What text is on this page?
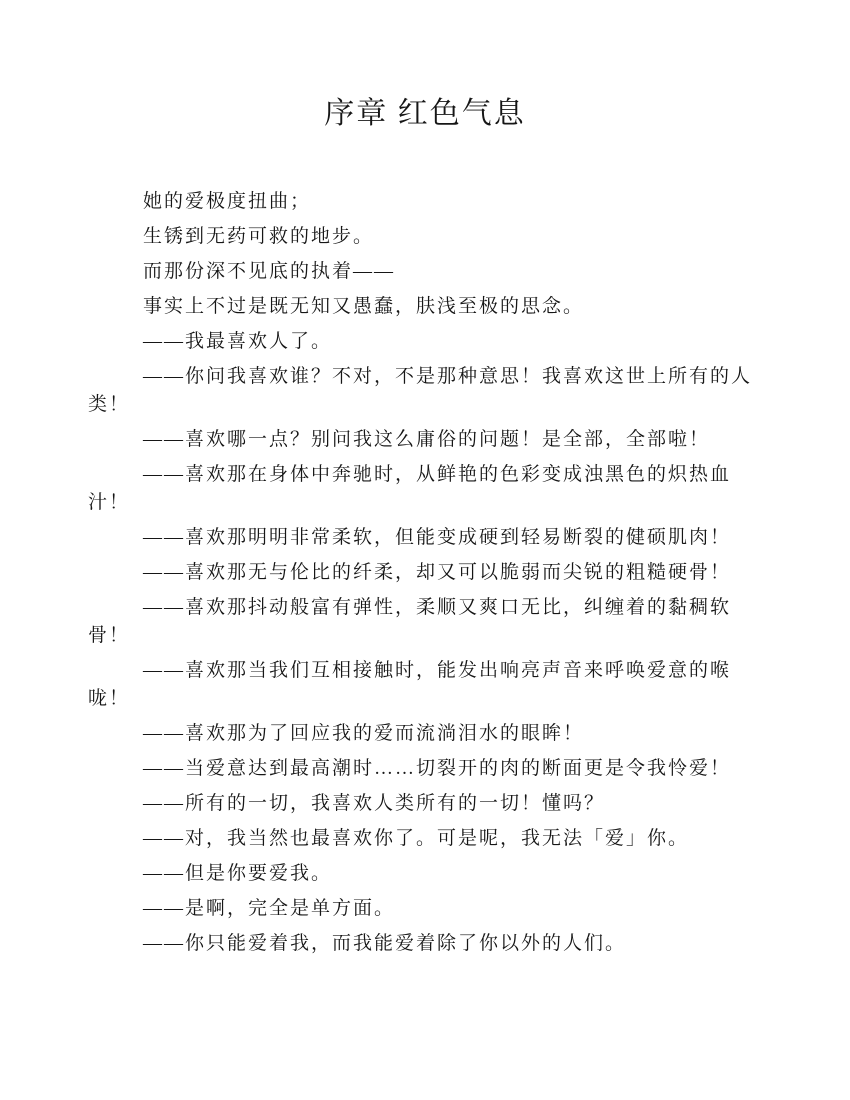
序章 红色气息

她的爱极度扭曲；

生锈到无药可救的地步。

而那份深不见底的执着——

事实上不过是既无知又愚蠢，肤浅至极的思念。

——我最喜欢人了。

——你问我喜欢谁？不对，不是那种意思！我喜欢这世上所有的人类！

——喜欢哪一点？别问我这么庸俗的问题！是全部，全部啦！

——喜欢那在身体中奔驰时，从鲜艳的色彩变成浊黑色的炽热血汁！

——喜欢那明明非常柔软，但能变成硬到轻易断裂的健硕肌肉！

——喜欢那无与伦比的纤柔，却又可以脆弱而尖锐的粗糙硬骨！

——喜欢那抖动般富有弹性，柔顺又爽口无比，纠缠着的黏稠软骨！

——喜欢那当我们互相接触时，能发出响亮声音来呼唤爱意的喉咙！

——喜欢那为了回应我的爱而流淌泪水的眼眸！

——当爱意达到最高潮时……切裂开的肉的断面更是令我怜爱！

——所有的一切，我喜欢人类所有的一切！懂吗？

——对，我当然也最喜欢你了。可是呢，我无法「爱」你。

——但是你要爱我。

——是啊，完全是单方面。

——你只能爱着我，而我能爱着除了你以外的人们。
